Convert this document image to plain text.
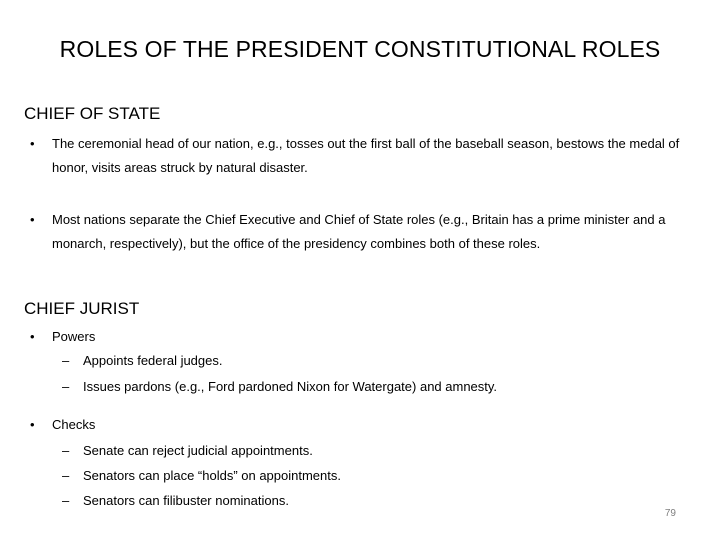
ROLES OF THE PRESIDENT CONSTITUTIONAL ROLES
CHIEF OF STATE
• The ceremonial head of our nation, e.g., tosses out the first ball of the baseball season, bestows the medal of honor, visits areas struck by natural disaster.
• Most nations separate the Chief Executive and Chief of State roles (e.g., Britain has a prime minister and a monarch, respectively), but the office of the presidency combines both of these roles.
CHIEF JURIST
• Powers
– Appoints federal judges.
– Issues pardons (e.g., Ford pardoned Nixon for Watergate) and amnesty.
• Checks
– Senate can reject judicial appointments.
– Senators can place “holds” on appointments.
– Senators can filibuster nominations.
79
